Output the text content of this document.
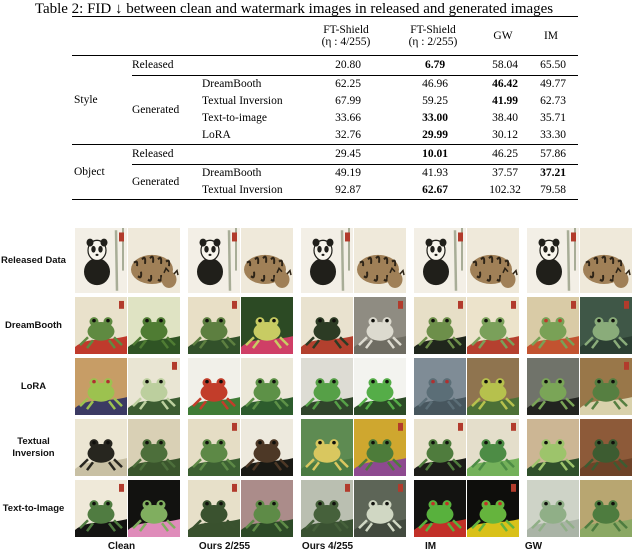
Table 2: FID ↓ between clean and watermark images in released and generated images
FT-Shield
(η : 4/255)
FT-Shield
(η : 2/255)
GW	IM
Style
Released	20.80	6.79	58.04	65.50
Generated
DreamBooth	62.25	46.96	46.42	49.77
Textual Inversion	67.99	59.25	41.99	62.73
Text-to-image	33.66	33.00	38.40	35.71
LoRA	32.76	29.99	30.12	33.30
Object
Released	29.45	10.01	46.25	57.86
Generated
DreamBooth	49.19	41.93	37.57	37.21
Textual Inversion	92.87	62.67	102.32	79.58
Released Data
DreamBooth
LoRA
Textual Inversion
Text-to-Image
Clean	Ours 2/255	Ours 4/255	IM	GW
